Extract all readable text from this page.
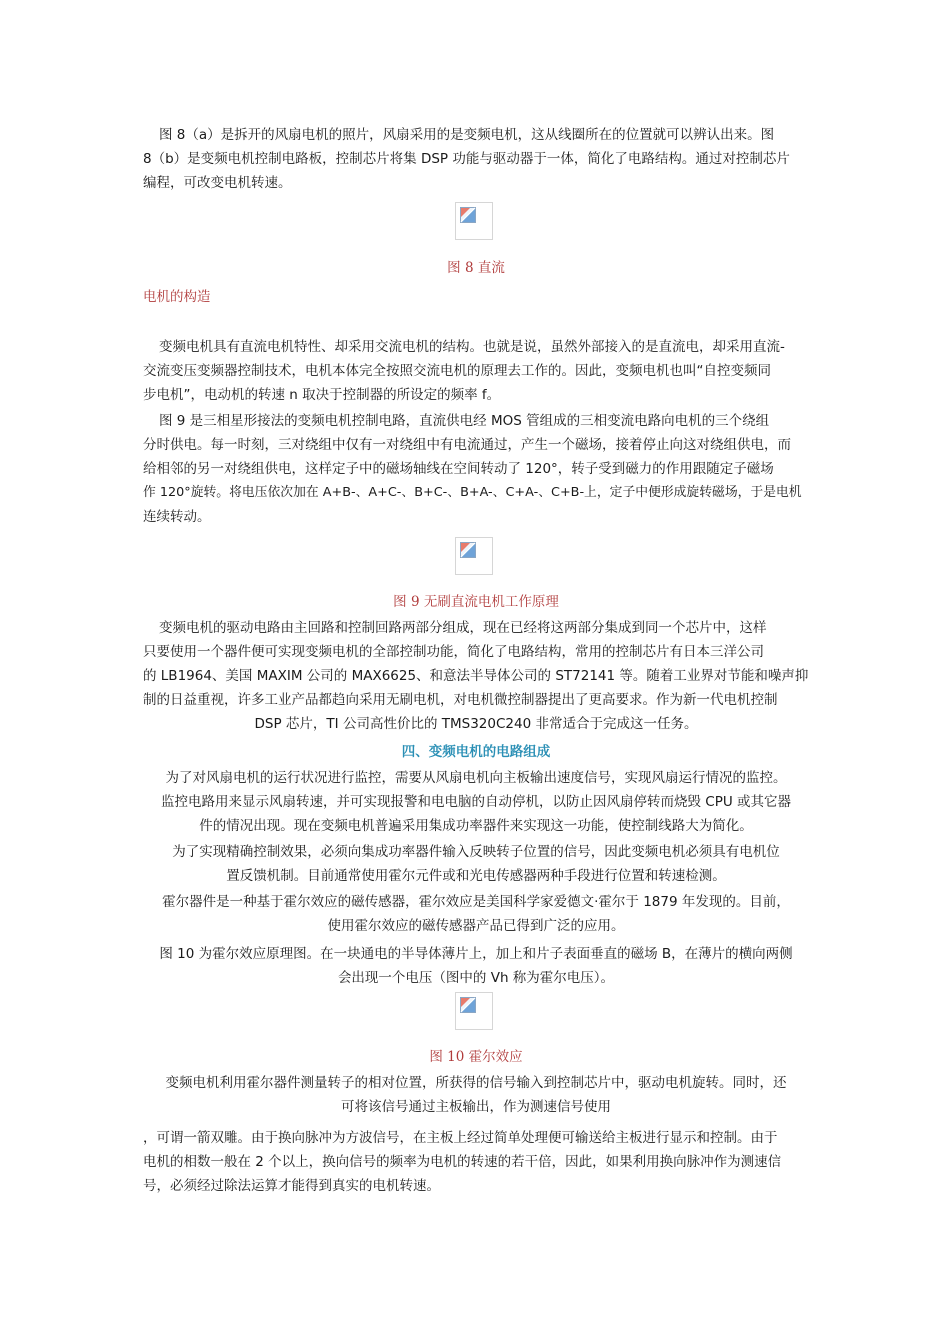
图 8（a）是拆开的风扇电机的照片，风扇采用的是变频电机，这从线圈所在的位置就可以辨认出来。图
8（b）是变频电机控制电路板，控制芯片将集 DSP 功能与驱动器于一体，简化了电路结构。通过对控制芯片
编程，可改变电机转速。
图 8 直流
电机的构造
变频电机具有直流电机特性、却采用交流电机的结构。也就是说，虽然外部接入的是直流电，却采用直流-
交流变压变频器控制技术，电机本体完全按照交流电机的原理去工作的。因此，变频电机也叫“自控变频同
步电机”，电动机的转速 n 取决于控制器的所设定的频率 f。
图 9 是三相星形接法的变频电机控制电路，直流供电经 MOS 管组成的三相变流电路向电机的三个绕组
分时供电。每一时刻，三对绕组中仅有一对绕组中有电流通过，产生一个磁场，接着停止向这对绕组供电，而
给相邻的另一对绕组供电，这样定子中的磁场轴线在空间转动了 120°，转子受到磁力的作用跟随定子磁场
作 120°旋转。将电压依次加在 A+B-、A+C-、B+C-、B+A-、C+A-、C+B-上，定子中便形成旋转磁场，于是电机
连续转动。
图 9 无刷直流电机工作原理
变频电机的驱动电路由主回路和控制回路两部分组成，现在已经将这两部分集成到同一个芯片中，这样
只要使用一个器件便可实现变频电机的全部控制功能，简化了电路结构，常用的控制芯片有日本三洋公司
的 LB1964、美国 MAXIM 公司的 MAX6625、和意法半导体公司的 ST72141 等。随着工业界对节能和噪声抑
制的日益重视，许多工业产品都趋向采用无刷电机，对电机微控制器提出了更高要求。作为新一代电机控制
DSP 芯片，TI 公司高性价比的 TMS320C240 非常适合于完成这一任务。
四、变频电机的电路组成
为了对风扇电机的运行状况进行监控，需要从风扇电机向主板输出速度信号，实现风扇运行情况的监控。
监控电路用来显示风扇转速，并可实现报警和电电脑的自动停机，以防止因风扇停转而烧毁 CPU 或其它器
件的情况出现。现在变频电机普遍采用集成功率器件来实现这一功能，使控制线路大为简化。
为了实现精确控制效果，必须向集成功率器件输入反映转子位置的信号，因此变频电机必须具有电机位
置反馈机制。目前通常使用霍尔元件或和光电传感器两种手段进行位置和转速检测。
霍尔器件是一种基于霍尔效应的磁传感器，霍尔效应是美国科学家爱德文·霍尔于 1879 年发现的。目前，
使用霍尔效应的磁传感器产品已得到广泛的应用。
图 10 为霍尔效应原理图。在一块通电的半导体薄片上，加上和片子表面垂直的磁场 B，在薄片的横向两侧
会出现一个电压（图中的 Vh 称为霍尔电压）。
图 10 霍尔效应
变频电机利用霍尔器件测量转子的相对位置，所获得的信号输入到控制芯片中，驱动电机旋转。同时，还
可将该信号通过主板输出，作为测速信号使用
，可谓一箭双雕。由于换向脉冲为方波信号，在主板上经过简单处理便可输送给主板进行显示和控制。由于
电机的相数一般在 2 个以上，换向信号的频率为电机的转速的若干倍，因此，如果利用换向脉冲作为测速信
号，必须经过除法运算才能得到真实的电机转速。
